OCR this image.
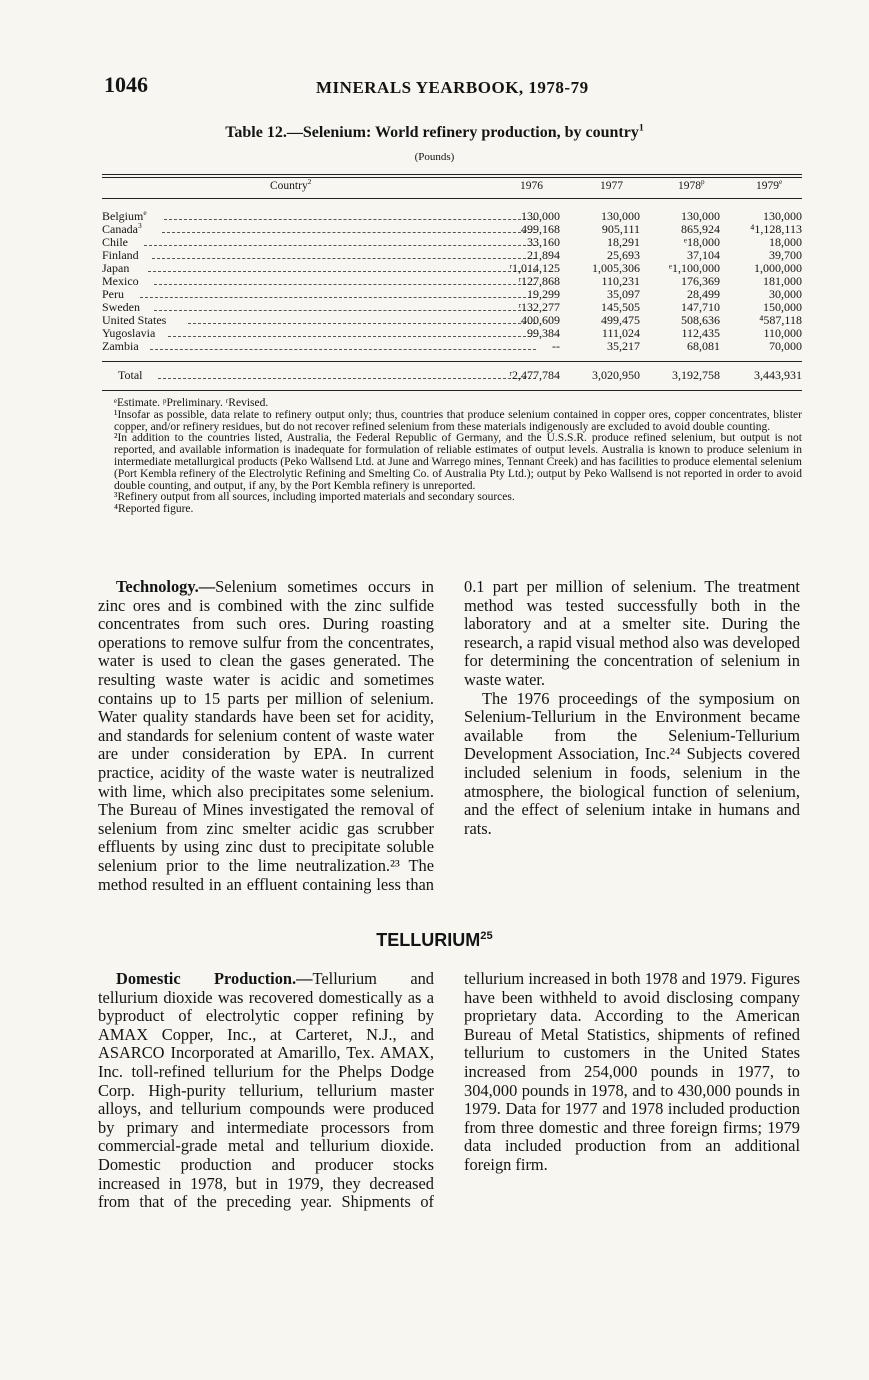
1046	MINERALS YEARBOOK, 1978-79
Table 12.—Selenium: World refinery production, by country$^1$
(Pounds)
Country$^2$	1976	1977	1978$^p$	1979e
Belgium$^e$	130,000	130,000	130,000	130,000
Canada$^3$	499,168	905,111	865,924	⁴1,128,113
Chile	33,160	18,291	ᵉ18,000	18,000
Finland	21,894	25,693	37,104	39,700
Japan	ʳ1,014,125	1,005,306	ᵉ1,100,000	1,000,000
Mexico	ʳ127,868	110,231	176,369	181,000
Peru	19,299	35,097	28,499	30,000
Sweden	ʳ132,277	145,505	147,710	150,000
United States	400,609	499,475	508,636	⁴587,118
Yugoslavia	99,384	111,024	112,435	110,000
Zambia	--	35,217	68,081	70,000
Total	ʳ2,477,784	3,020,950	3,192,758	3,443,931

ᵉEstimate. ᵖPreliminary. ʳRevised.

¹Insofar as possible, data relate to refinery output only; thus, countries that produce selenium contained in copper ores, copper concentrates, blister copper, and/or refinery residues, but do not recover refined selenium from these materials indigenously are excluded to avoid double counting.

²In addition to the countries listed, Australia, the Federal Republic of Germany, and the U.S.S.R. produce refined selenium, but output is not reported, and available information is inadequate for formulation of reliable estimates of output levels. Australia is known to produce selenium in intermediate metallurgical products (Peko Wallsend Ltd. at June and Warrego mines, Tennant Creek) and has facilities to produce elemental selenium (Port Kembla refinery of the Electrolytic Refining and Smelting Co. of Australia Pty Ltd.); output by Peko Wallsend is not reported in order to avoid double counting, and output, if any, by the Port Kembla refinery is unreported.

³Refinery output from all sources, including imported materials and secondary sources.

⁴Reported figure.

Technology.—Selenium sometimes occurs in zinc ores and is combined with the zinc sulfide concentrates from such ores. During roasting operations to remove sulfur from the concentrates, water is used to clean the gases generated. The resulting waste water is acidic and sometimes contains up to 15 parts per million of selenium. Water quality standards have been set for acidity, and standards for selenium content of waste water are under consideration by EPA. In current practice, acidity of the waste water is neutralized with lime, which also precipitates some selenium. The Bureau of Mines investigated the removal of selenium from zinc smelter acidic gas scrubber effluents by using zinc dust to precipitate soluble selenium prior to the lime neutralization.²³ The method resulted in an effluent containing less than 0.1 part per million of selenium. The treatment method was tested successfully both in the laboratory and at a smelter site. During the research, a rapid visual method also was developed for determining the concentration of selenium in waste water.

The 1976 proceedings of the symposium on Selenium-Tellurium in the Environment became available from the Selenium-Tellurium Development Association, Inc.²⁴ Subjects covered included selenium in foods, selenium in the atmosphere, the biological function of selenium, and the effect of selenium intake in humans and rats.

TELLURIUM$^{25}$

Domestic Production.—Tellurium and tellurium dioxide was recovered domestically as a byproduct of electrolytic copper refining by AMAX Copper, Inc., at Carteret, N.J., and ASARCO Incorporated at Amarillo, Tex. AMAX, Inc. toll-refined tellurium for the Phelps Dodge Corp. High-purity tellurium, tellurium master alloys, and tellurium compounds were produced by primary and intermediate processors from commercial-grade metal and tellurium dioxide. Domestic production and producer stocks increased in 1978, but in 1979, they decreased from that of the preceding year. Shipments of tellurium increased in both 1978 and 1979. Figures have been withheld to avoid disclosing company proprietary data. According to the American Bureau of Metal Statistics, shipments of refined tellurium to customers in the United States increased from 254,000 pounds in 1977, to 304,000 pounds in 1978, and to 430,000 pounds in 1979. Data for 1977 and 1978 included production from three domestic and three foreign firms; 1979 data included production from an additional foreign firm.
